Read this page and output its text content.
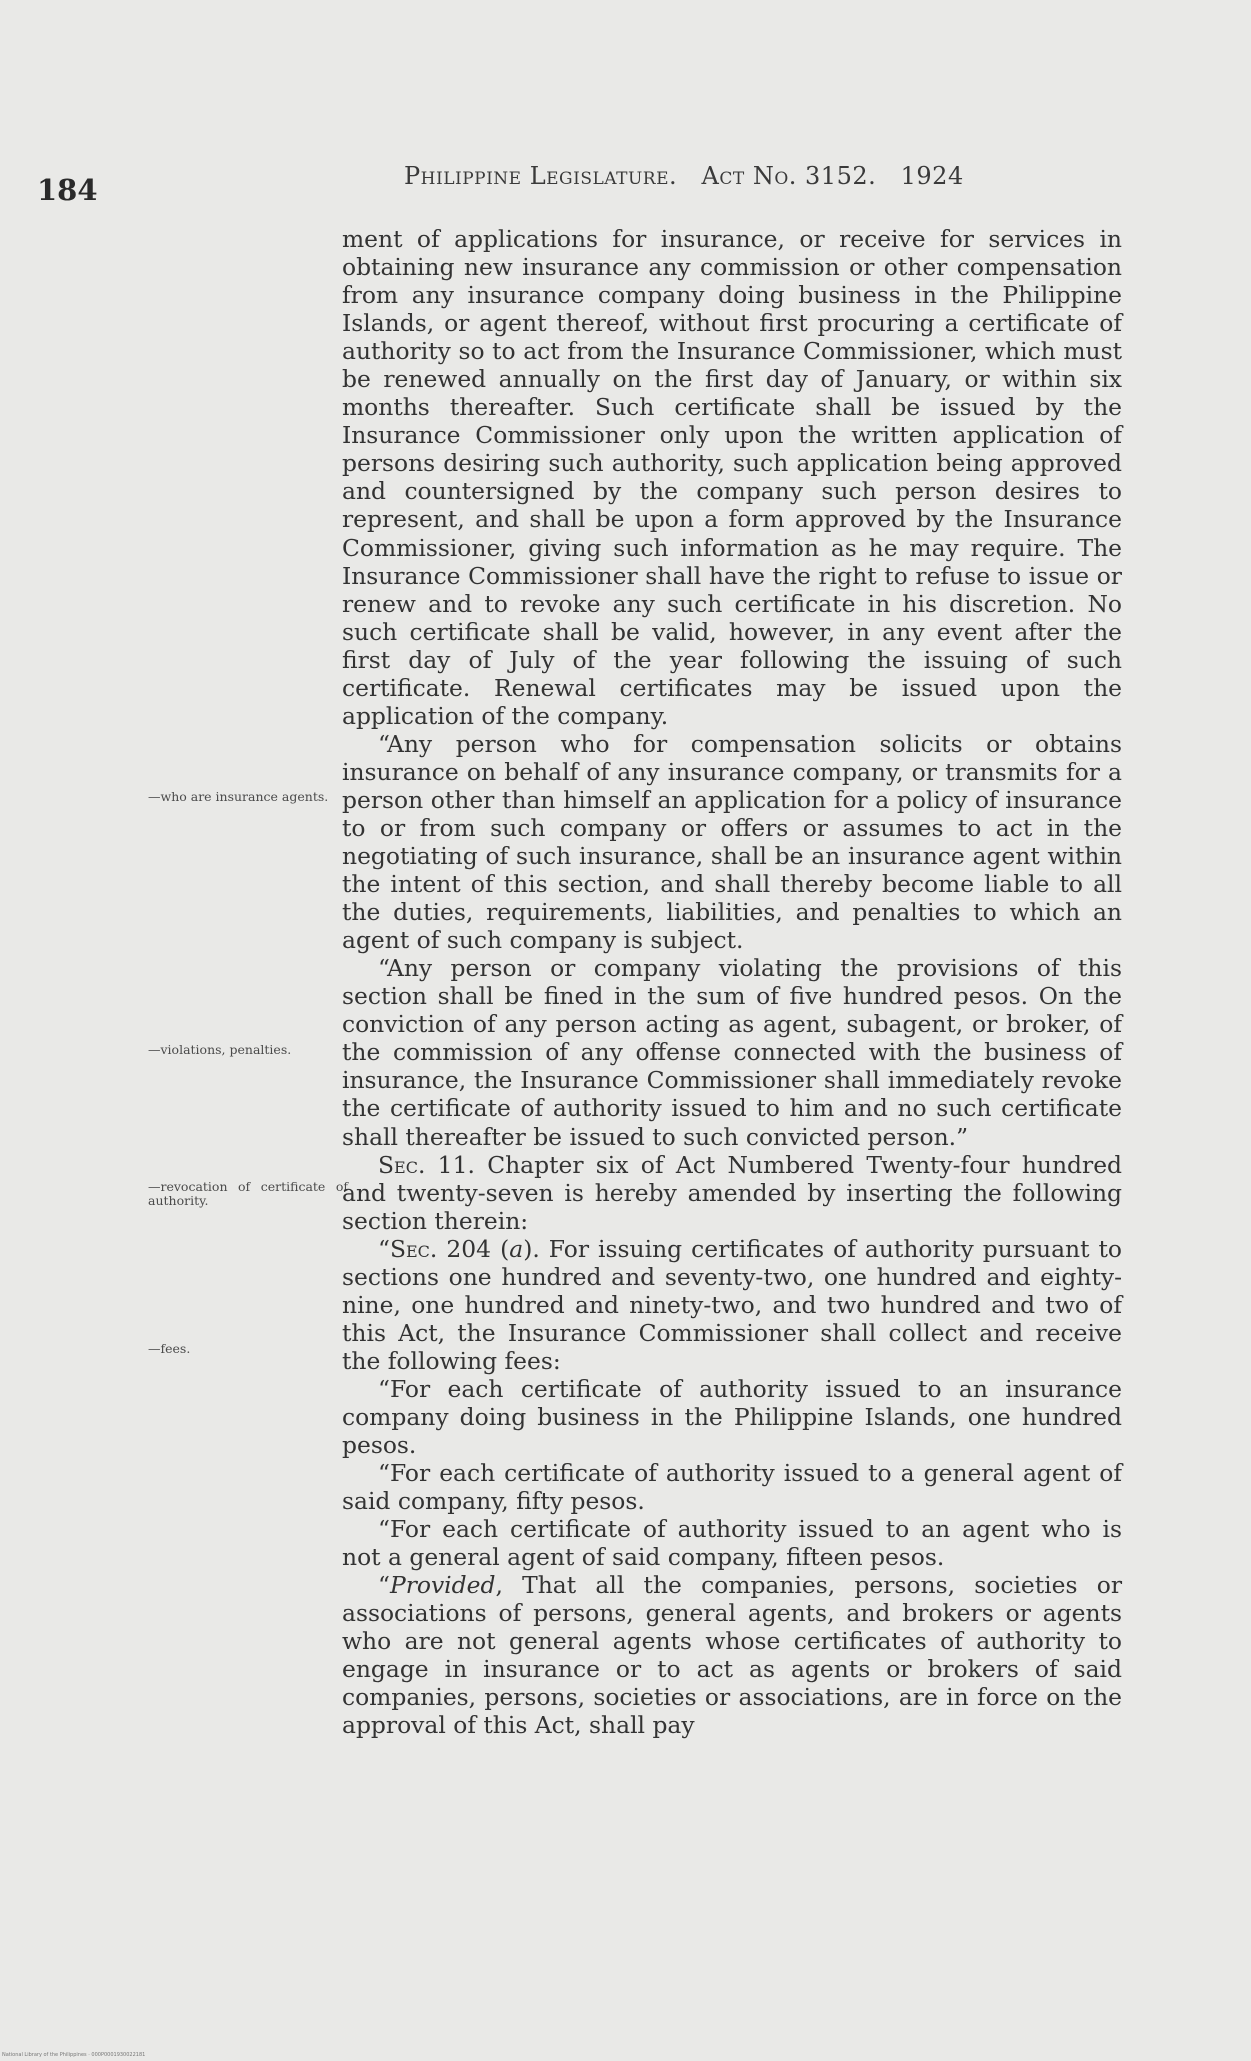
184	Philippine Legislature. Act No. 3152. 1924
—who are insurance agents.
—violations, penalties.
—revocation of certificate of authority.
—fees.

ment of applications for insurance, or receive for services in obtaining new insurance any commission or other compensation from any insurance company doing business in the Philippine Islands, or agent thereof, without first procuring a certificate of authority so to act from the Insurance Commissioner, which must be renewed annually on the first day of January, or within six months thereafter. Such certificate shall be issued by the Insurance Commissioner only upon the written application of persons desiring such authority, such application being approved and countersigned by the company such person desires to represent, and shall be upon a form approved by the Insurance Commissioner, giving such information as he may require. The Insurance Commissioner shall have the right to refuse to issue or renew and to revoke any such certificate in his discretion. No such certificate shall be valid, however, in any event after the first day of July of the year following the issuing of such certificate. Renewal certificates may be issued upon the application of the company.

“Any person who for compensation solicits or obtains insurance on behalf of any insurance company, or transmits for a person other than himself an application for a policy of insurance to or from such company or offers or assumes to act in the negotiating of such insurance, shall be an insurance agent within the intent of this section, and shall thereby become liable to all the duties, requirements, liabilities, and penalties to which an agent of such company is subject.

“Any person or company violating the provisions of this section shall be fined in the sum of five hundred pesos. On the conviction of any person acting as agent, subagent, or broker, of the commission of any offense connected with the business of insurance, the Insurance Commissioner shall immediately revoke the certificate of authority issued to him and no such certificate shall thereafter be issued to such convicted person.”

Sec. 11. Chapter six of Act Numbered Twenty-four hundred and twenty-seven is hereby amended by inserting the following section therein:

“Sec. 204 (a). For issuing certificates of authority pursuant to sections one hundred and seventy-two, one hundred and eighty-nine, one hundred and ninety-two, and two hundred and two of this Act, the Insurance Commissioner shall collect and receive the following fees:

“For each certificate of authority issued to an insurance company doing business in the Philippine Islands, one hundred pesos.

“For each certificate of authority issued to a general agent of said company, fifty pesos.

“For each certificate of authority issued to an agent who is not a general agent of said company, fifteen pesos.

“Provided, That all the companies, persons, societies or associations of persons, general agents, and brokers or agents who are not general agents whose certificates of authority to engage in insurance or to act as agents or brokers of said companies, persons, societies or associations, are in force on the approval of this Act, shall pay

National Library of the Philippines · 000P0001930022181
